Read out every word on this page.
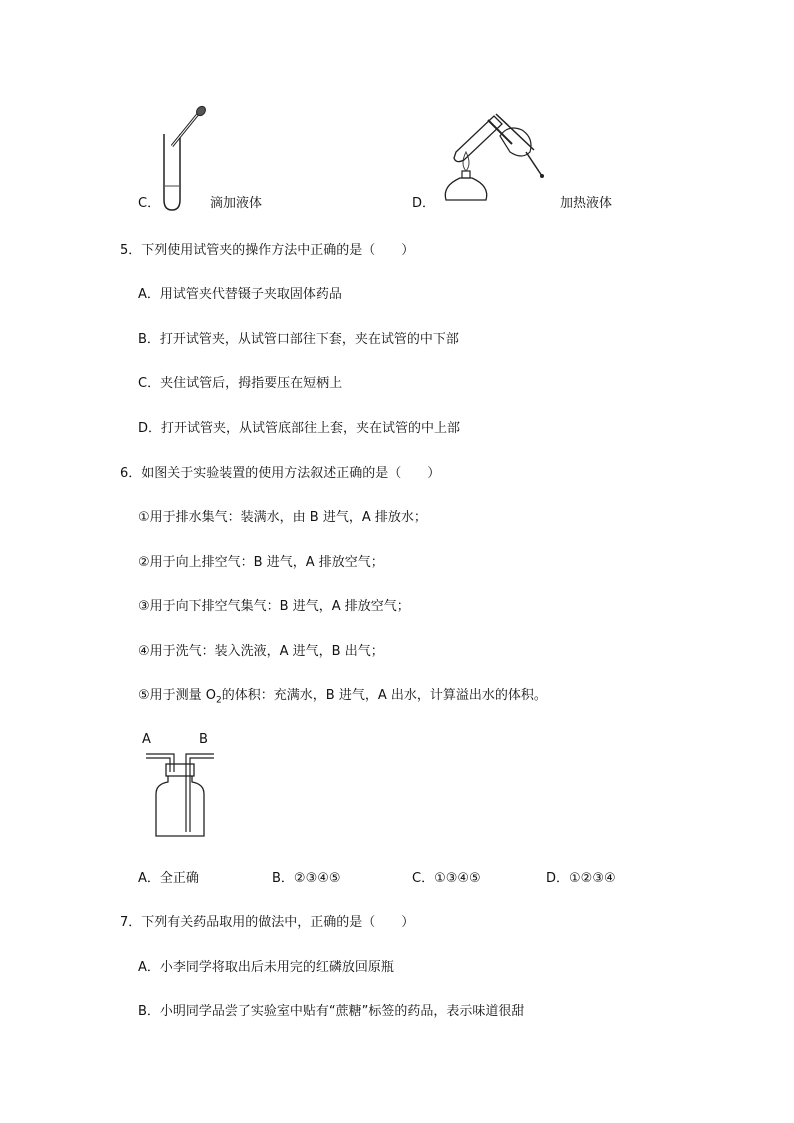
C．	滴加液体	D．	加热液体
5．下列使用试管夹的操作方法中正确的是（　　）
A．用试管夹代替镊子夹取固体药品
B．打开试管夹，从试管口部往下套，夹在试管的中下部
C．夹住试管后，拇指要压在短柄上
D．打开试管夹，从试管底部往上套，夹在试管的中上部
6．如图关于实验装置的使用方法叙述正确的是（　　）
①用于排水集气：装满水，由 B 进气，A 排放水；
②用于向上排空气：B 进气，A 排放空气；
③用于向下排空气集气：B 进气，A 排放空气；
④用于洗气：装入洗液，A 进气，B 出气；
⑤用于测量 $O_2$的体积：充满水，B 进气，A 出水，计算溢出水的体积。
A	B
A．全正确	B．②③④⑤	C．①③④⑤	D．①②③④
7．下列有关药品取用的做法中，正确的是（　　）
A．小李同学将取出后未用完的红磷放回原瓶
B．小明同学品尝了实验室中贴有“蔗糖”标签的药品，表示味道很甜
